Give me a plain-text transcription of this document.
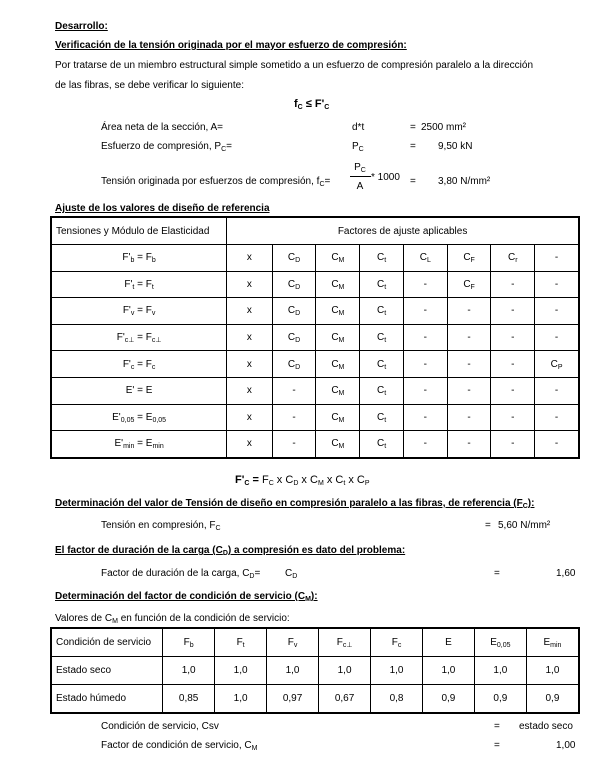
Desarrollo:
Verificación de la tensión originada por el mayor esfuerzo de compresión:
Por tratarse de un miembro estructural simple sometido a un esfuerzo de compresión paralelo a la dirección
de las fibras, se debe verificar lo siguiente:
$f_C \le F'_C$
Área neta de la sección, A=	d*t	= 2500 mm²
Esfuerzo de compresión, $P_C=$	$P_C$	= 9,50 kN
Tensión originada por esfuerzos de compresión, $f_C=$
$P_C$
A
* 1000 = 3,80 N/mm²
Ajuste de los valores de diseño de referencia
Tensiones y Módulo de Elasticidad	Factores de ajuste aplicables							
$F'_b = F_b$	x	$C_D$	$C_M$	$C_t$	$C_L$	$C_F$	$C_r$	-
$F'_t = F_t$	x	$C_D$	$C_M$	$C_t$	-	$C_F$	-	-
$F'_v = F_v$	x	$C_D$	$C_M$	$C_t$	-	-	-	-
$F'_{c\perp} = F_{c\perp}$	x	$C_D$	$C_M$	$C_t$	-	-	-	-
$F'_c = F_c$	x	$C_D$	$C_M$	$C_t$	-	-	-	$C_P$
E' = E	x	-	$C_M$	$C_t$	-	-	-	-
$E'_{0,05} = E_{0,05}$	x	-	$C_M$	$C_t$	-	-	-	-
$E'_{min} = E_{min}$	x	-	$C_M$	$C_t$	-	-	-	-
$F'_C = F_C$ x $C_D$ x $C_M$ x $C_t$ x $C_P$
Determinación del valor de Tensión de diseño en compresión paralelo a las fibras, de referencia $(F_C)$:
Tensión en compresión, $F_C$	= 5,60 N/mm²
El factor de duración de la carga $(C_D)$ a compresión es dato del problema:
Factor de duración de la carga, $C_D= C_D$	=	1,60
Determinación del factor de condición de servicio $(C_M)$:
Valores de $C_M$ en función de la condición de servicio:
Condición de servicio	$F_b$	$F_t$	$F_v$	$F_{c\perp}$	$F_c$	E	$E_{0,05}$	$E_{min}$
Estado seco	1,0	1,0	1,0	1,0	1,0	1,0	1,0	1,0
Estado húmedo	0,85	1,0	0,97	0,67	0,8	0,9	0,9	0,9
Condición de servicio, Csv	= estado seco
Factor de condición de servicio, $C_M$	=	1,00
